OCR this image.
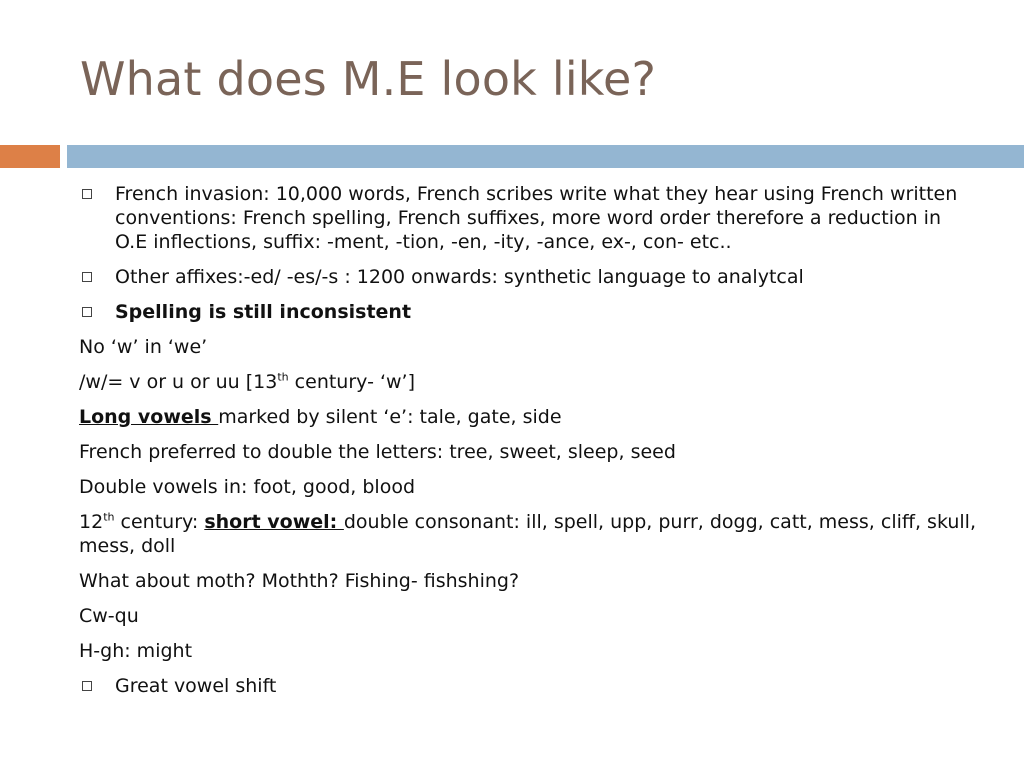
What does M.E look like?
French invasion: 10,000 words, French scribes write what they hear using French written conventions: French spelling, French suffixes, more word order therefore a reduction in O.E inflections, suffix: -ment, -tion, -en, -ity, -ance, ex-, con- etc..
Other affixes:-ed/ -es/-s : 1200 onwards: synthetic language to analytcal
Spelling is still inconsistent
No ‘w’ in ‘we’
/w/= v or u or uu [13th century- ‘w’]
Long vowels marked by silent ‘e’: tale, gate, side
French preferred to double the letters: tree, sweet, sleep, seed
Double vowels in: foot, good, blood
12th century: short vowel: double consonant: ill, spell, upp, purr, dogg, catt, mess, cliff, skull, mess, doll
What about moth? Mothth? Fishing- fishshing?
Cw-qu
H-gh: might
Great vowel shift
